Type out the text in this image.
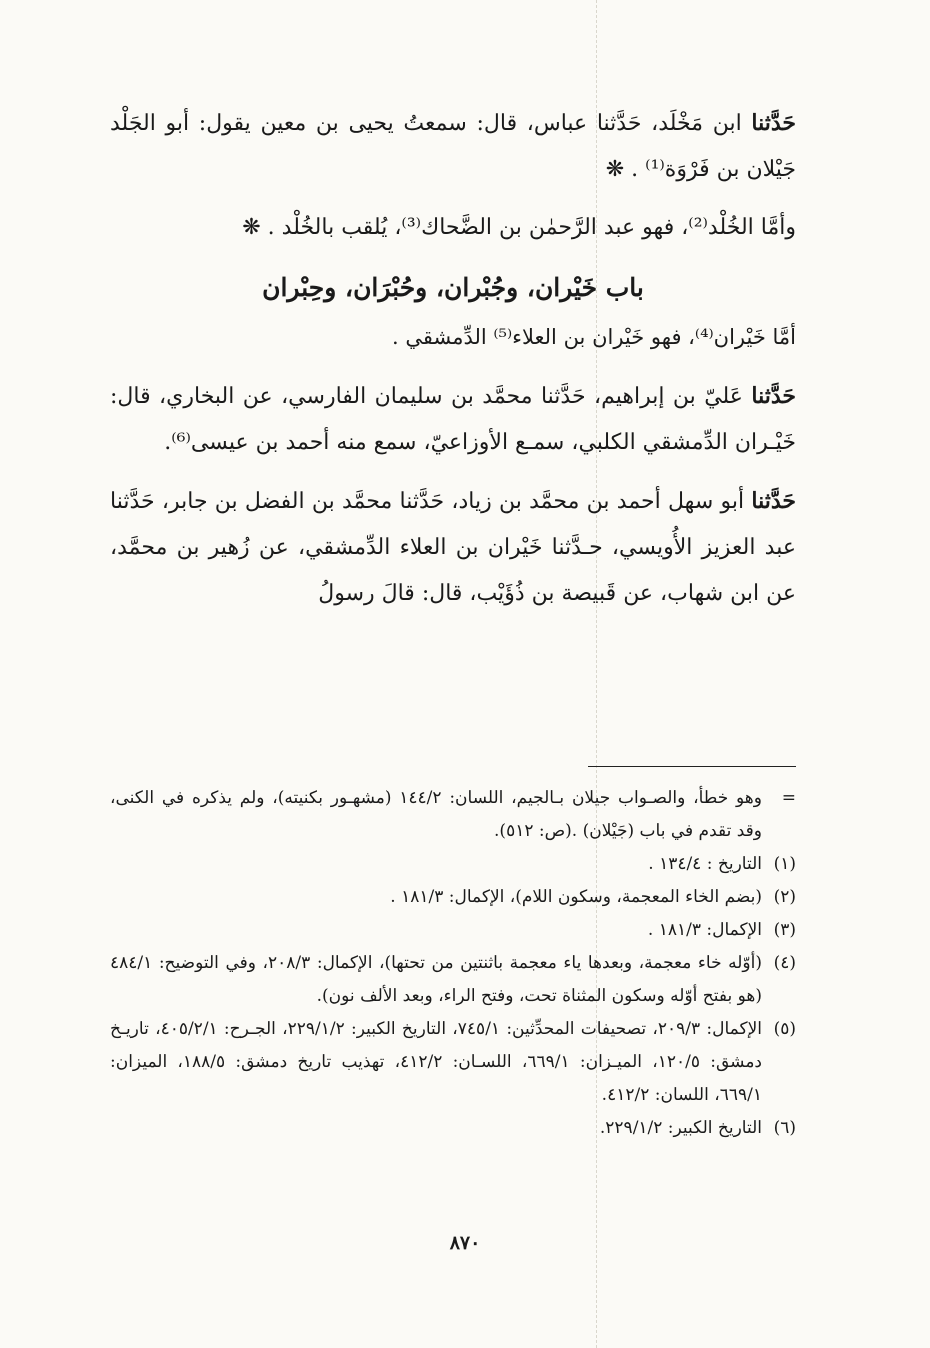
حَدَّثنا ابن مَخْلَد، حَدَّثنا عباس، قال: سمعتُ يحيى بن معين يقول: أبو الجَلْد جَيْلان بن فَرْوَة⁽¹⁾ . ❋

وأمَّا الخُلْد⁽²⁾، فهو عبد الرَّحمٰن بن الضَّحاك⁽³⁾، يُلقب بالخُلْد . ❋

باب خَيْران، وجُبْران، وحُبْرَان، وحِبْران

أمَّا خَيْران⁽⁴⁾، فهو خَيْران بن العلاء⁽⁵⁾ الدِّمشقي .

حَدَّثنا عَليّ بن إبراهيم، حَدَّثنا محمَّد بن سليمان الفارسي، عن البخاري، قال: خَيْـران الدِّمشقي الكلبي، سمـع الأوزاعيّ، سمع منه أحمد بن عيسى⁽⁶⁾.

حَدَّثنا أبو سهل أحمد بن محمَّد بن زياد، حَدَّثنا محمَّد بن الفضل بن جابر، حَدَّثنا عبد العزيز الأُويسي، حـدَّثنا خَيْران بن العلاء الدِّمشقي، عن زُهير بن محمَّد، عن ابن شهاب، عن قَبيصة بن ذُؤَيْب، قال: قالَ رسولُ

=
وهو خطأ، والصـواب جيلان بـالجيم، اللسان: ١٤٤/٢ (مشهـور بكنيته)، ولم يذكره في الكنى، وقد تقدم في باب (جَيْلان) .(ص: ٥١٢).
(١)
التاريخ : ١٣٤/٤ .
(٢)
(بضم الخاء المعجمة، وسكون اللام)، الإكمال: ١٨١/٣ .
(٣)
الإكمال: ١٨١/٣ .
(٤)
(أوّله خاء معجمة، وبعدها ياء معجمة باثنتين من تحتها)، الإكمال: ٢٠٨/٣، وفي التوضيح: ٤٨٤/١ (هو بفتح أوّله وسكون المثناة تحت، وفتح الراء، وبعد الألف نون).
(٥)
الإكمال: ٢٠٩/٣، تصحيفات المحدِّثين: ٧٤٥/١، التاريخ الكبير: ٢٢٩/١/٢، الجـرح: ٤٠٥/٢/١، تاريـخ دمشق: ١٢٠/٥، الميـزان: ٦٦٩/١، اللسـان: ٤١٢/٢، تهذيب تاريخ دمشق: ١٨٨/٥، الميزان: ٦٦٩/١، اللسان: ٤١٢/٢.
(٦)
التاريخ الكبير: ٢٢٩/١/٢.
٨٧٠
